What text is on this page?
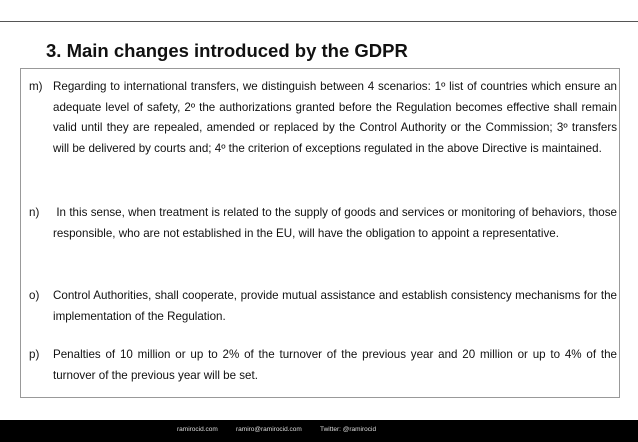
3. Main changes introduced by the GDPR
m) Regarding to international transfers, we distinguish between 4 scenarios: 1º list of countries which ensure an adequate level of safety, 2º the authorizations granted before the Regulation becomes effective shall remain valid until they are repealed, amended or replaced by the Control Authority or the Commission; 3º transfers will be delivered by courts and; 4º the criterion of exceptions regulated in the above Directive is maintained.
n)	In this sense, when treatment is related to the supply of goods and services or monitoring of behaviors, those responsible, who are not established in the EU, will have the obligation to appoint a representative.
o)	Control Authorities, shall cooperate, provide mutual assistance and establish consistency mechanisms for the implementation of the Regulation.
p)	Penalties of 10 million or up to 2% of the turnover of the previous year and 20 million or up to 4% of the turnover of the previous year will be set.
ramirocid.com	ramiro@ramirocid.com	Twitter: @ramirocid
